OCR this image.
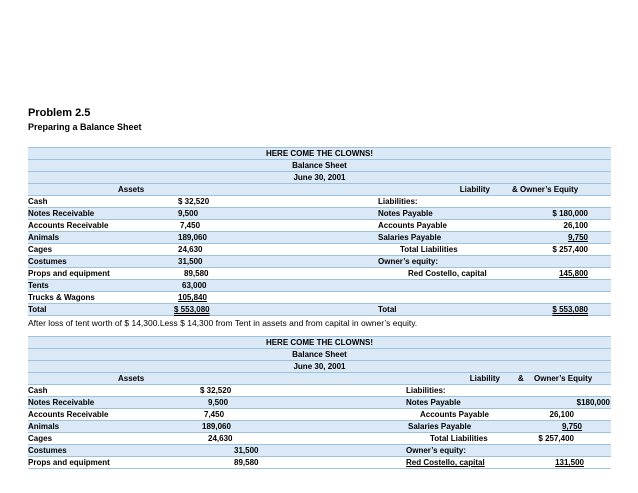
Problem 2.5
Preparing a Balance Sheet
HERE COME THE CLOWNS!
Balance Sheet
June 30, 2001
Assets	Liability	& Owner’s Equity
Cash	$ 32,520	Liabilities:
Notes Receivable	9,500	Notes Payable	$ 180,000
Accounts Receivable	7,450	Accounts Payable	26,100
Animals	189,060	Salaries Payable	9,750
Cages	24,630	Total Liabilities	$ 257,400
Costumes	31,500	Owner’s equity:
Props and equipment	89,580	Red Costello, capital	145,800
Tents	63,000
Trucks & Wagons	105,840
Total	$ 553,080	Total	$ 553,080
After loss of tent worth of $ 14,300.Less $ 14,300 from Tent in assets and from capital in owner’s equity.
HERE COME THE CLOWNS!
Balance Sheet
June 30, 2001
Assets	Liability & Owner’s Equity
Cash	$ 32,520	Liabilities:
Notes Receivable	9,500	Notes Payable	$180,000
Accounts Receivable	7,450	Accounts Payable	26,100
Animals	189,060	Salaries Payable	9,750
Cages	24,630	Total Liabilities	$ 257,400
Costumes	31,500	Owner’s equity:
Props and equipment	89,580	Red Costello, capital	131,500
